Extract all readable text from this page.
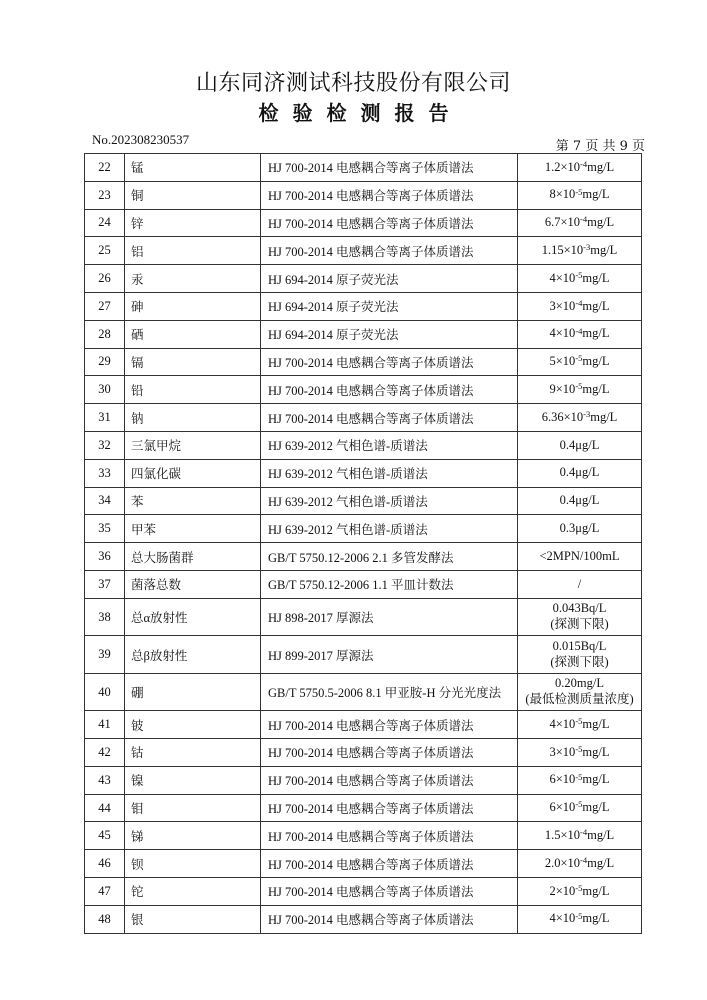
山东同济测试科技股份有限公司
检验检测报告
No.202308230537	第 7 页 共 9 页
22	锰	HJ 700-2014 电感耦合等离子体质谱法	$1.2\times 10^{-4}mg/L$
23	铜	HJ 700-2014 电感耦合等离子体质谱法	$8\times 10^{-5}mg/L$
24	锌	HJ 700-2014 电感耦合等离子体质谱法	$6.7\times 10^{-4}mg/L$
25	铝	HJ 700-2014 电感耦合等离子体质谱法	$1.15\times 10^{-3}mg/L$
26	汞	HJ 694-2014 原子荧光法	$4\times 10^{-5}mg/L$
27	砷	HJ 694-2014 原子荧光法	$3\times 10^{-4}mg/L$
28	硒	HJ 694-2014 原子荧光法	$4\times 10^{-4}mg/L$
29	镉	HJ 700-2014 电感耦合等离子体质谱法	$5\times 10^{-5}mg/L$
30	铅	HJ 700-2014 电感耦合等离子体质谱法	$9\times 10^{-5}mg/L$
31	钠	HJ 700-2014 电感耦合等离子体质谱法	$6.36\times 10^{-3}mg/L$
32	三氯甲烷	HJ 639-2012 气相色谱-质谱法	0.4μg/L

33	四氯化碳	HJ 639-2012 气相色谱-质谱法	0.4μg/L

34	苯	HJ 639-2012 气相色谱-质谱法	0.4μg/L

35	甲苯	HJ 639-2012 气相色谱-质谱法	0.3μg/L

36	总大肠菌群	GB/T 5750.12-2006 2.1 多管发酵法	<2MPN/100mL

37	菌落总数	GB/T 5750.12-2006 1.1 平皿计数法	/

38	总α放射性	HJ 898-2017 厚源法	0.043Bq/L
(探测下限)

39	总β放射性	HJ 899-2017 厚源法	0.015Bq/L
(探测下限)

40	硼	GB/T 5750.5-2006 8.1 甲亚胺-H 分光光度法	0.20mg/L
(最低检测质量浓度)

41	铍	HJ 700-2014 电感耦合等离子体质谱法	$4\times 10^{-5}mg/L$
42	钴	HJ 700-2014 电感耦合等离子体质谱法	$3\times 10^{-5}mg/L$
43	镍	HJ 700-2014 电感耦合等离子体质谱法	$6\times 10^{-5}mg/L$
44	钼	HJ 700-2014 电感耦合等离子体质谱法	$6\times 10^{-5}mg/L$
45	锑	HJ 700-2014 电感耦合等离子体质谱法	$1.5\times 10^{-4}mg/L$
46	钡	HJ 700-2014 电感耦合等离子体质谱法	$2.0\times 10^{-4}mg/L$
47	铊	HJ 700-2014 电感耦合等离子体质谱法	$2\times 10^{-5}mg/L$
48	银	HJ 700-2014 电感耦合等离子体质谱法	$4\times 10^{-5}mg/L$
